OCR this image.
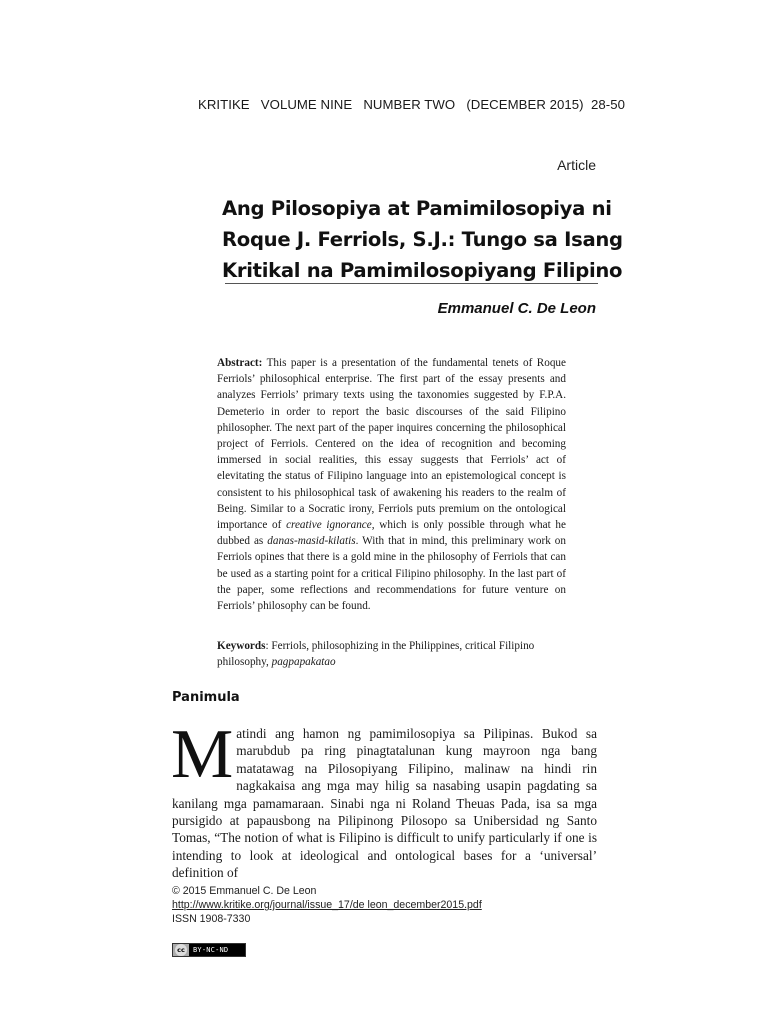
KRITIKE   VOLUME NINE   NUMBER TWO   (DECEMBER 2015)  28-50
Article
Ang Pilosopiya at Pamimilosopiya ni
Roque J. Ferriols, S.J.: Tungo sa Isang
Kritikal na Pamimilosopiyang Filipino
Emmanuel C. De Leon
Abstract: This paper is a presentation of the fundamental tenets of Roque Ferriols’ philosophical enterprise. The first part of the essay presents and analyzes Ferriols’ primary texts using the taxonomies suggested by F.P.A. Demeterio in order to report the basic discourses of the said Filipino philosopher. The next part of the paper inquires concerning the philosophical project of Ferriols. Centered on the idea of recognition and becoming immersed in social realities, this essay suggests that Ferriols’ act of elevitating the status of Filipino language into an epistemological concept is consistent to his philosophical task of awakening his readers to the realm of Being. Similar to a Socratic irony, Ferriols puts premium on the ontological importance of creative ignorance, which is only possible through what he dubbed as danas-masid-kilatis. With that in mind, this preliminary work on Ferriols opines that there is a gold mine in the philosophy of Ferriols that can be used as a starting point for a critical Filipino philosophy. In the last part of the paper, some reflections and recommendations for future venture on Ferriols’ philosophy can be found.
Keywords: Ferriols, philosophizing in the Philippines, critical Filipino philosophy, pagpapakatao
Panimula
Matindi ang hamon ng pamimilosopiya sa Pilipinas. Bukod sa marubdub pa ring pinagtatalunan kung mayroon nga bang matatawag na Pilosopiyang Filipino, malinaw na hindi rin nagkakaisa ang mga may hilig sa nasabing usapin pagdating sa kanilang mga pamamaraan. Sinabi nga ni Roland Theuas Pada, isa sa mga pursigido at papausbong na Pilipinong Pilosopo sa Unibersidad ng Santo Tomas, “The notion of what is Filipino is difficult to unify particularly if one is intending to look at ideological and ontological bases for a ‘universal’ definition of
© 2015 Emmanuel C. De Leon
http://www.kritike.org/journal/issue_17/de leon_december2015.pdf
ISSN 1908-7330
cc	BY-NC-ND
